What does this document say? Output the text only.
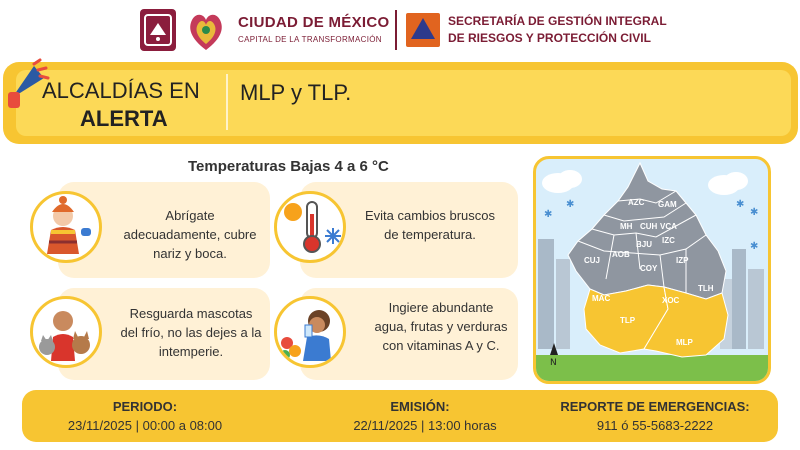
CIUDAD DE MÉXICO
CAPITAL DE LA TRANSFORMACIÓN
SECRETARÍA DE GESTIÓN INTEGRAL
DE RIESGOS Y PROTECCIÓN CIVIL
ALCALDÍAS EN
ALERTA
MLP y TLP.
Temperaturas Bajas 4 a 6 °C
Abrígate adecuadamente, cubre nariz y boca.
Evita cambios bruscos de temperatura.
Resguarda mascotas del frío, no las dejes a la intemperie.
Ingiere abundante agua, frutas y verduras con vitaminas A y C.
✱
✱
✱
✱
✱
N
AZC GAM
MH CUH VCA
BJU IZC
CUJ
AOB
COY
IZP
TLH
MAC	XOC
TLP
MLP
PERIODO:
23/11/2025 | 00:00 a 08:00
EMISIÓN:
22/11/2025 | 13:00 horas
REPORTE DE EMERGENCIAS:
911 ó 55-5683-2222
